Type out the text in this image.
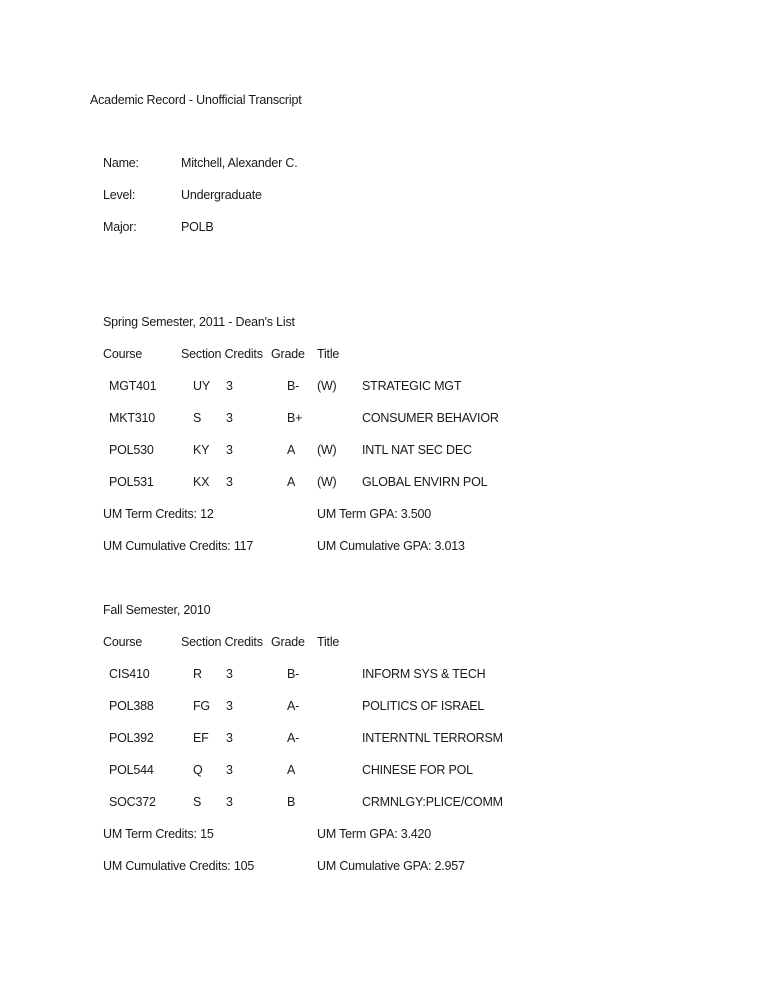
Academic Record - Unofficial Transcript
Name:	Mitchell, Alexander C.
Level:	Undergraduate
Major:	POLB
Spring Semester, 2011 - Dean's List
Course	Section Credits Grade Title
MGT401	UY 3	B- (W) STRATEGIC MGT
MKT310	S 3	B+	CONSUMER BEHAVIOR
POL530	KY 3	A (W) INTL NAT SEC DEC
POL531	KX 3	A (W) GLOBAL ENVIRN POL
UM Term Credits: 12	UM Term GPA: 3.500
UM Cumulative Credits: 117	UM Cumulative GPA: 3.013
Fall Semester, 2010
Course	Section Credits Grade Title
CIS410	R 3	B-	INFORM SYS & TECH
POL388	FG 3	A-	POLITICS OF ISRAEL
POL392	EF 3	A-	INTERNTNL TERRORSM
POL544	Q 3	A	CHINESE FOR POL
SOC372	S 3	B	CRMNLGY:PLICE/COMM
UM Term Credits: 15	UM Term GPA: 3.420
UM Cumulative Credits: 105	UM Cumulative GPA: 2.957
